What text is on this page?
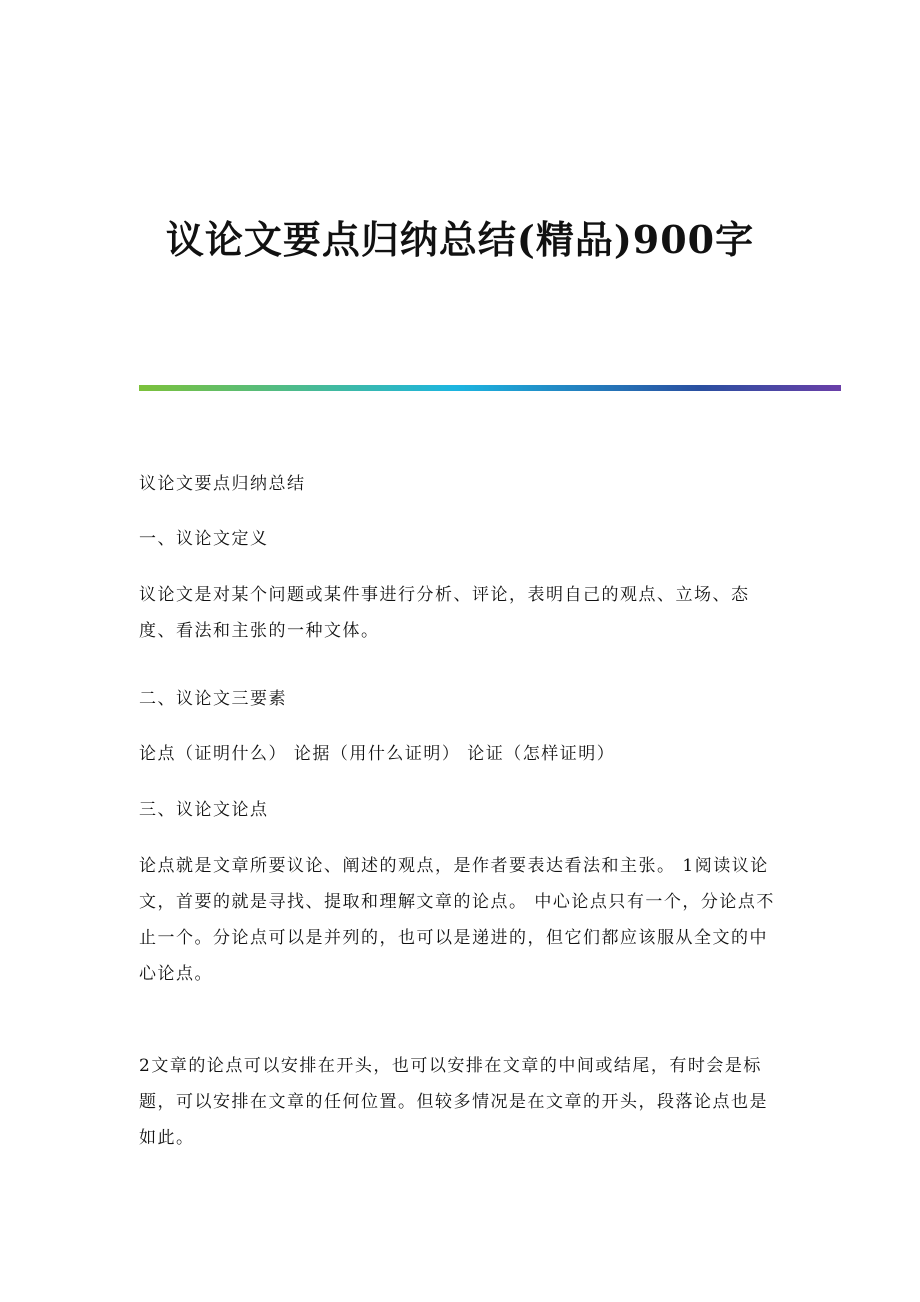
议论文要点归纳总结(精品)900字

议论文要点归纳总结

一、议论文定义

议论文是对某个问题或某件事进行分析、评论，表明自己的观点、立场、态度、看法和主张的一种文体。

二、议论文三要素

论点（证明什么） 论据（用什么证明） 论证（怎样证明）

三、议论文论点

论点就是文章所要议论、阐述的观点，是作者要表达看法和主张。 1阅读议论文，首要的就是寻找、提取和理解文章的论点。 中心论点只有一个，分论点不止一个。分论点可以是并列的，也可以是递进的，但它们都应该服从全文的中心论点。

2文章的论点可以安排在开头，也可以安排在文章的中间或结尾，有时会是标题，可以安排在文章的任何位置。但较多情况是在文章的开头，段落论点也是如此。
